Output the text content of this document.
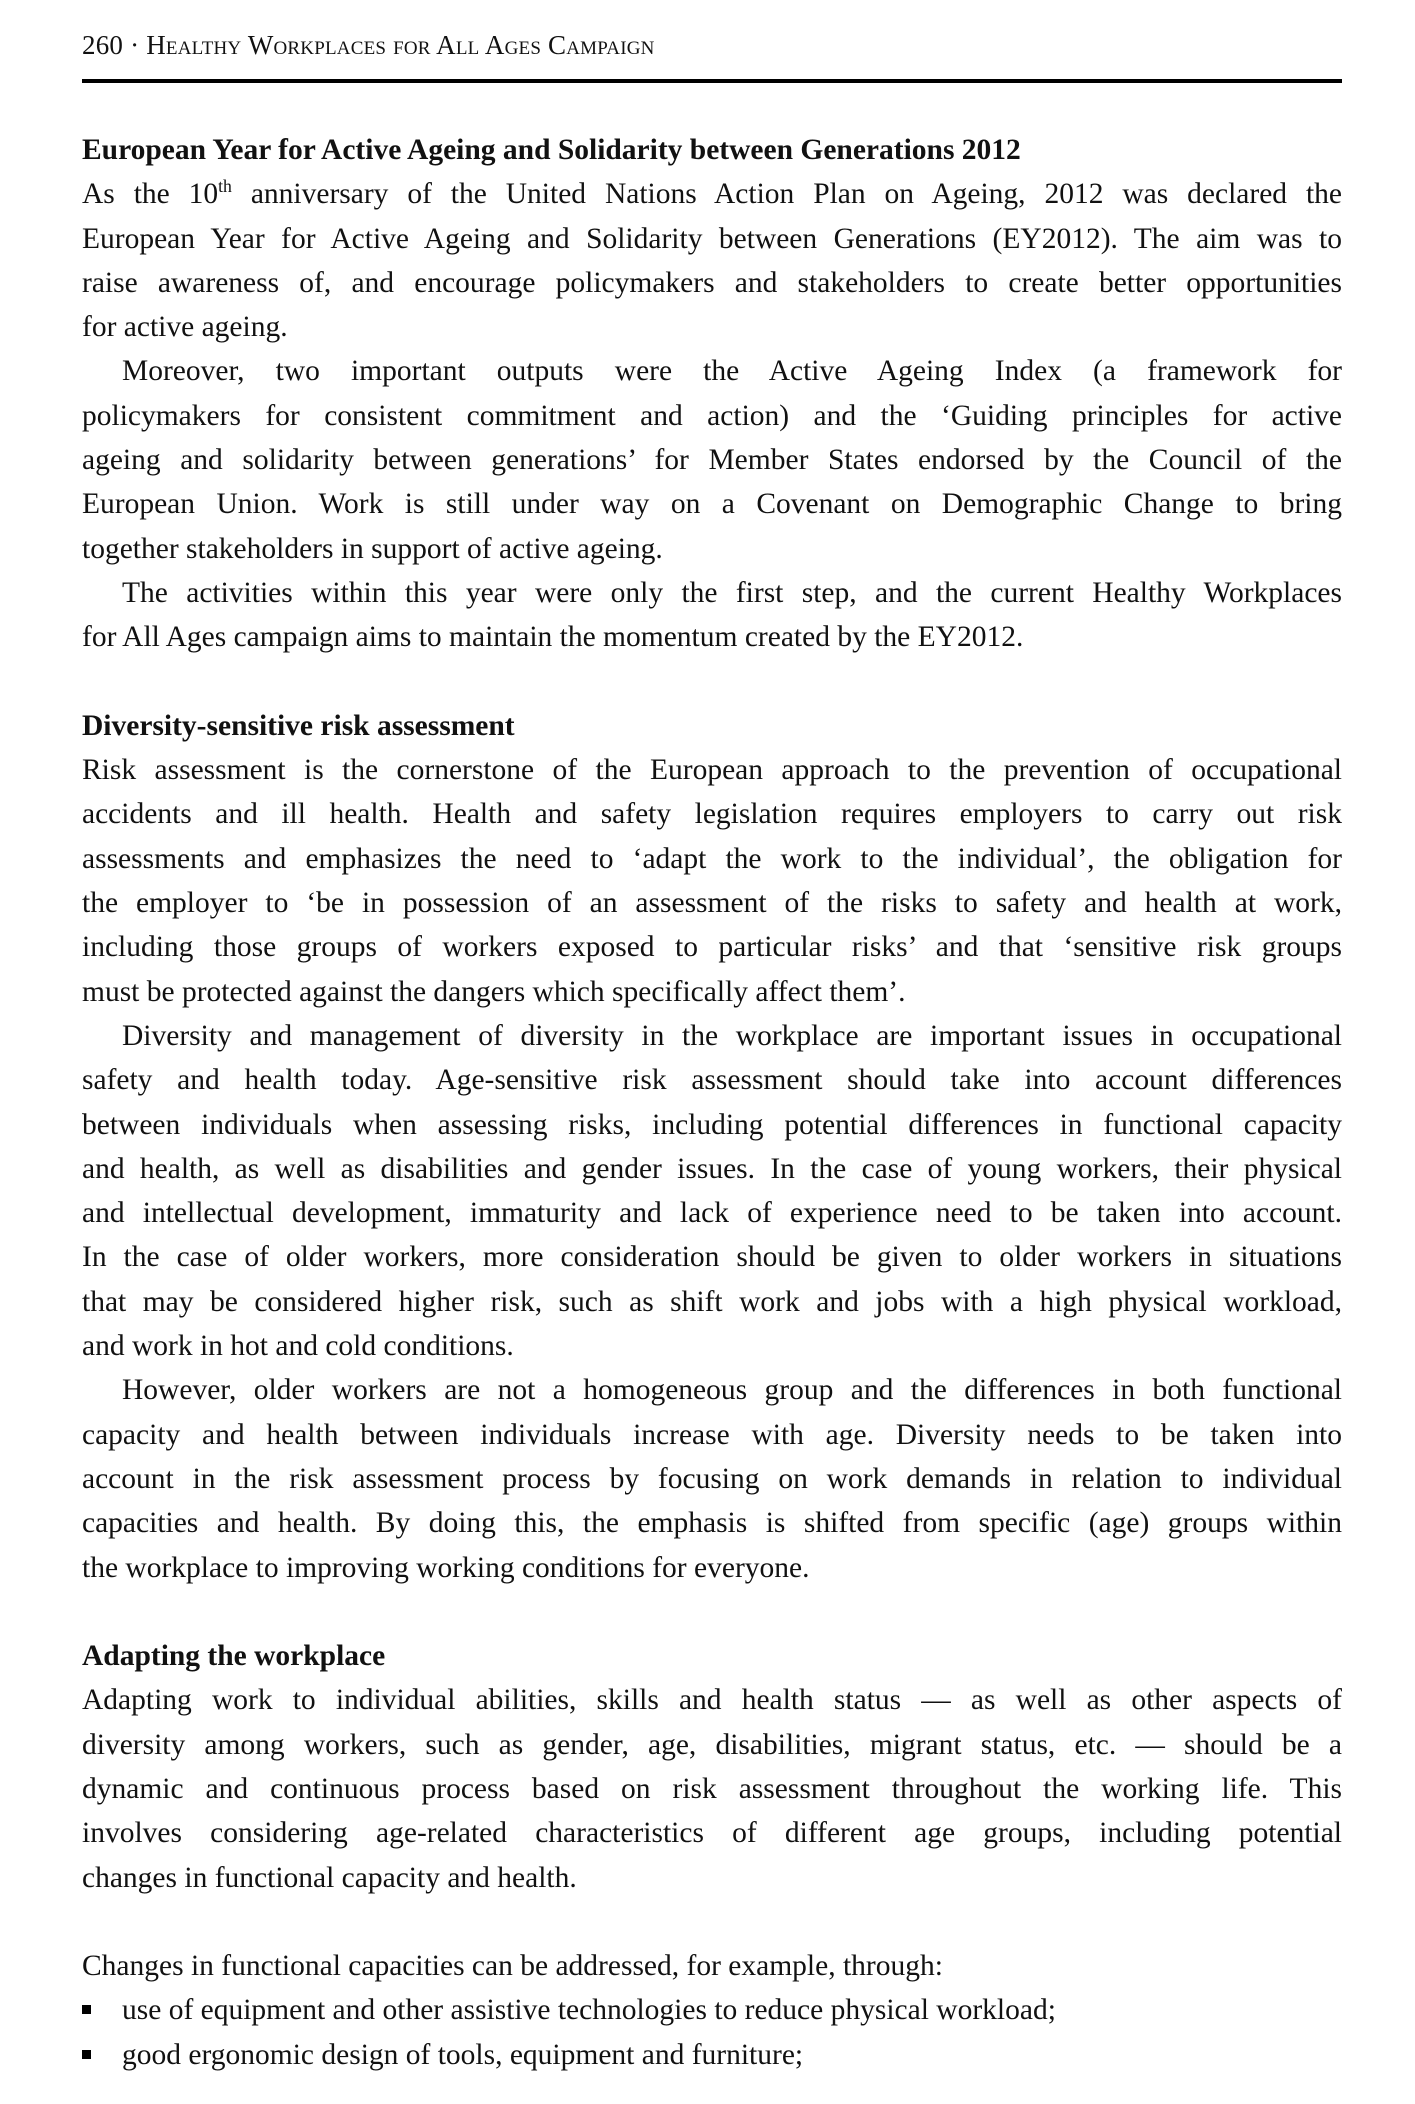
260 · Healthy Workplaces for All Ages Campaign
European Year for Active Ageing and Solidarity between Generations 2012
As the 10th anniversary of the United Nations Action Plan on Ageing, 2012 was declared the
European Year for Active Ageing and Solidarity between Generations (EY2012). The aim was to
raise awareness of, and encourage policymakers and stakeholders to create better opportunities
for active ageing.
Moreover, two important outputs were the Active Ageing Index (a framework for
policymakers for consistent commitment and action) and the ‘Guiding principles for active
ageing and solidarity between generations’ for Member States endorsed by the Council of the
European Union. Work is still under way on a Covenant on Demographic Change to bring
together stakeholders in support of active ageing.
The activities within this year were only the first step, and the current Healthy Workplaces
for All Ages campaign aims to maintain the momentum created by the EY2012.
Diversity-sensitive risk assessment
Risk assessment is the cornerstone of the European approach to the prevention of occupational
accidents and ill health. Health and safety legislation requires employers to carry out risk
assessments and emphasizes the need to ‘adapt the work to the individual’, the obligation for
the employer to ‘be in possession of an assessment of the risks to safety and health at work,
including those groups of workers exposed to particular risks’ and that ‘sensitive risk groups
must be protected against the dangers which specifically affect them’.
Diversity and management of diversity in the workplace are important issues in occupational
safety and health today. Age-sensitive risk assessment should take into account differences
between individuals when assessing risks, including potential differences in functional capacity
and health, as well as disabilities and gender issues. In the case of young workers, their physical
and intellectual development, immaturity and lack of experience need to be taken into account.
In the case of older workers, more consideration should be given to older workers in situations
that may be considered higher risk, such as shift work and jobs with a high physical workload,
and work in hot and cold conditions.
However, older workers are not a homogeneous group and the differences in both functional
capacity and health between individuals increase with age. Diversity needs to be taken into
account in the risk assessment process by focusing on work demands in relation to individual
capacities and health. By doing this, the emphasis is shifted from specific (age) groups within
the workplace to improving working conditions for everyone.
Adapting the workplace
Adapting work to individual abilities, skills and health status — as well as other aspects of
diversity among workers, such as gender, age, disabilities, migrant status, etc. — should be a
dynamic and continuous process based on risk assessment throughout the working life. This
involves considering age-related characteristics of different age groups, including potential
changes in functional capacity and health.
Changes in functional capacities can be addressed, for example, through:
use of equipment and other assistive technologies to reduce physical workload;
good ergonomic design of tools, equipment and furniture;
